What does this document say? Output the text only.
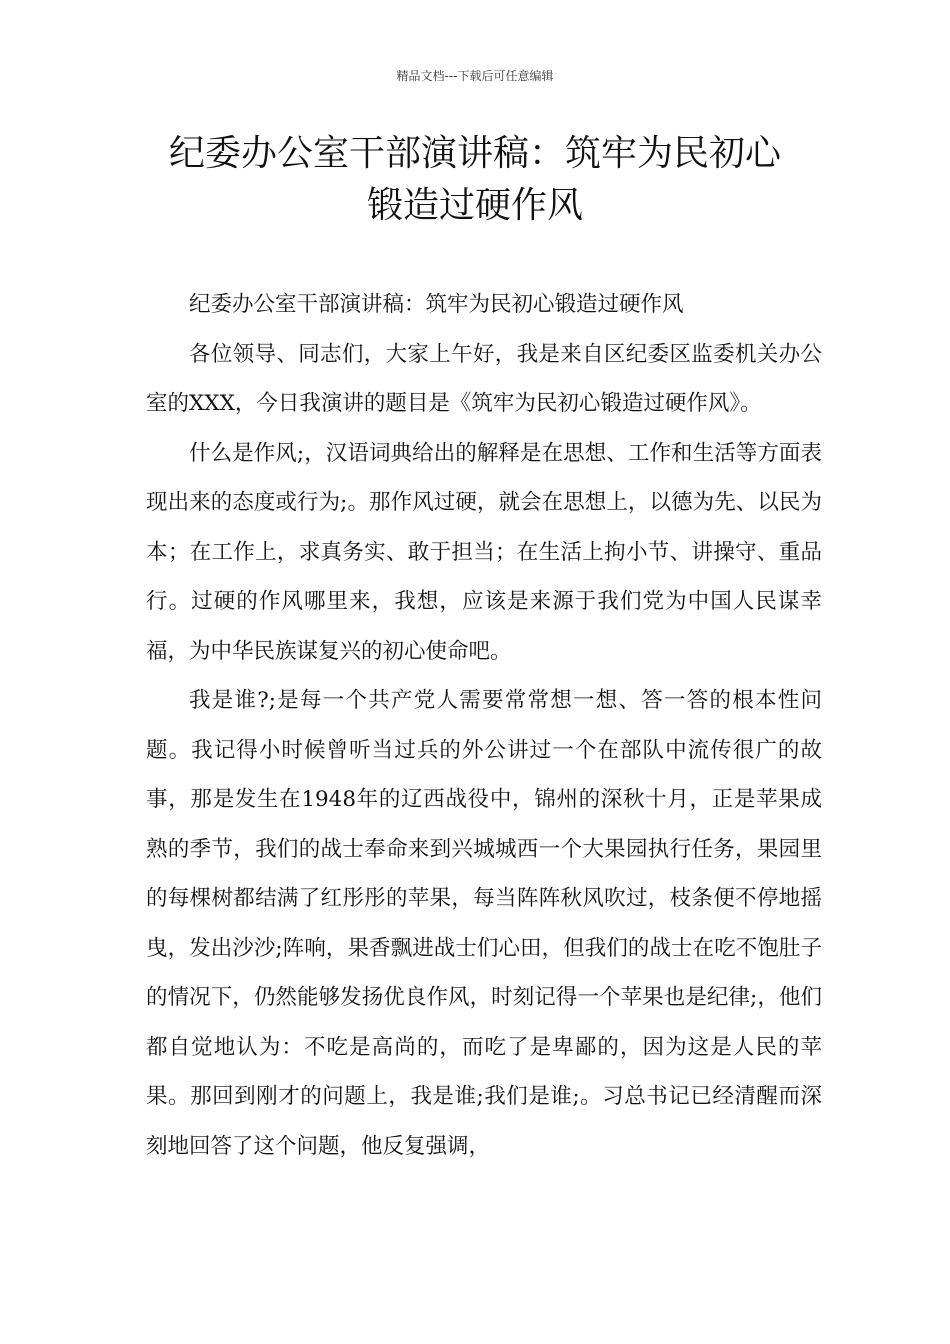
精品文档---下载后可任意编辑
纪委办公室干部演讲稿：筑牢为民初心
锻造过硬作风

纪委办公室干部演讲稿：筑牢为民初心锻造过硬作风

各位领导、同志们，大家上午好，我是来自区纪委区监委机关办公室的XXX，今日我演讲的题目是《筑牢为民初心锻造过硬作风》。

什么是作风;，汉语词典给出的解释是在思想、工作和生活等方面表现出来的态度或行为;。那作风过硬，就会在思想上，以德为先、以民为本；在工作上，求真务实、敢于担当；在生活上拘小节、讲操守、重品行。过硬的作风哪里来，我想，应该是来源于我们党为中国人民谋幸福，为中华民族谋复兴的初心使命吧。

我是谁?;是每一个共产党人需要常常想一想、答一答的根本性问题。我记得小时候曾听当过兵的外公讲过一个在部队中流传很广的故事，那是发生在1948年的辽西战役中，锦州的深秋十月，正是苹果成熟的季节，我们的战士奉命来到兴城城西一个大果园执行任务，果园里的每棵树都结满了红彤彤的苹果，每当阵阵秋风吹过，枝条便不停地摇曳，发出沙沙;阵响，果香飘进战士们心田，但我们的战士在吃不饱肚子的情况下，仍然能够发扬优良作风，时刻记得一个苹果也是纪律;，他们都自觉地认为：不吃是高尚的，而吃了是卑鄙的，因为这是人民的苹果。那回到刚才的问题上，我是谁;我们是谁;。习总书记已经清醒而深刻地回答了这个问题，他反复强调，
